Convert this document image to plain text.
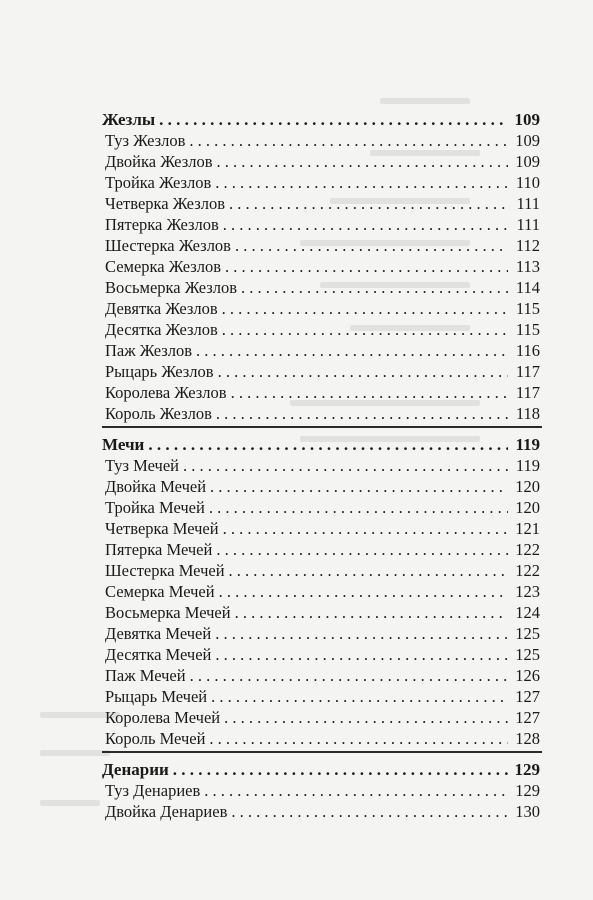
Жезлы . . .	109
Туз Жезлов . . .	109
Двойка Жезлов . . .	109
Тройка Жезлов . . .	110
Четверка Жезлов . . .	111
Пятерка Жезлов . . .	111
Шестерка Жезлов . . .	112
Семерка Жезлов . . .	113
Восьмерка Жезлов . . .	114
Девятка Жезлов . . .	115
Десятка Жезлов . . .	115
Паж Жезлов . . .	116
Рыцарь Жезлов . . .	117
Королева Жезлов . . .	117
Король Жезлов . . .	118
Мечи . . .	119
Туз Мечей . . .	119
Двойка Мечей . . .	120
Тройка Мечей . . .	120
Четверка Мечей . . .	121
Пятерка Мечей . . .	122
Шестерка Мечей . . .	122
Семерка Мечей . . .	123
Восьмерка Мечей . . .	124
Девятка Мечей . . .	125
Десятка Мечей . . .	125
Паж Мечей . . .	126
Рыцарь Мечей . . .	127
Королева Мечей . . .	127
Король Мечей . . .	128
Денарии . . .	129
Туз Денариев . . .	129
Двойка Денариев . . .	130
